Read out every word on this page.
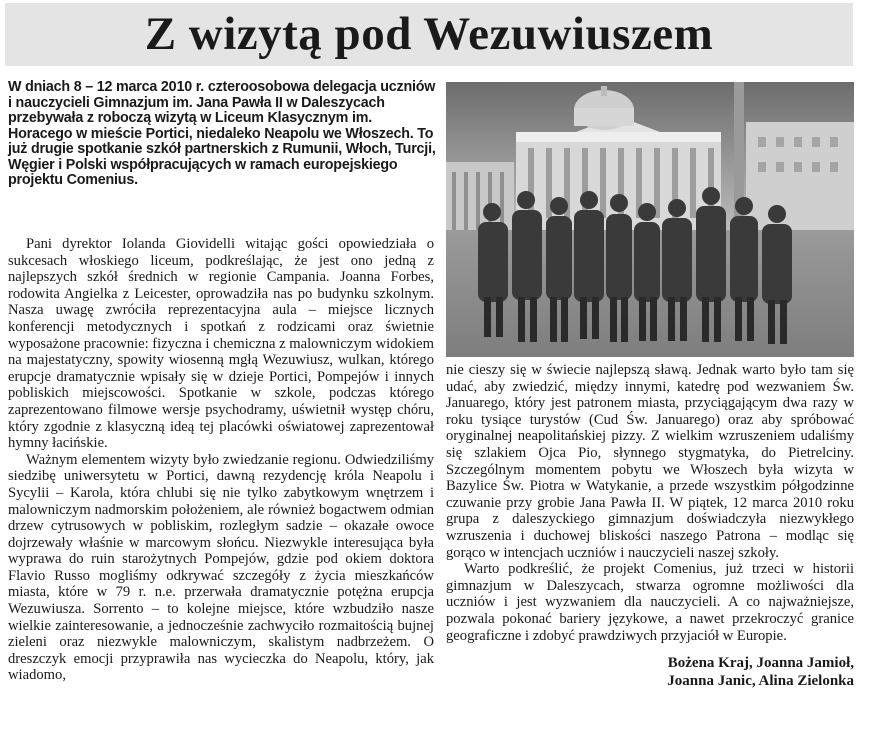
Z wizytą pod Wezuwiuszem

W dniach 8 – 12 marca 2010 r. czteroosobowa delegacja uczniów i nauczycieli Gimnazjum im. Jana Pawła II w Daleszycach przebywała z roboczą wizytą w Liceum Klasycznym im. Horacego w mieście Portici, niedaleko Neapolu we Włoszech. To już drugie spotkanie szkół partnerskich z Rumunii, Włoch, Turcji, Węgier i Polski współpracujących w ramach europejskiego projektu Comenius.

Pani dyrektor Iolanda Giovidelli witając gości opowiedziała o sukcesach włoskiego liceum, podkreślając, że jest ono jedną z najlepszych szkół średnich w regionie Campania. Joanna Forbes, rodowita Angielka z Leicester, oprowadziła nas po budynku szkolnym. Nasza uwagę zwróciła reprezentacyjna aula – miejsce licznych konferencji metodycznych i spotkań z rodzicami oraz świetnie wyposażone pracownie: fizyczna i chemiczna z malowniczym widokiem na majestatyczny, spowity wiosenną mgłą Wezuwiusz, wulkan, którego erupcje dramatycznie wpisały się w dzieje Portici, Pompejów i innych pobliskich miejscowości. Spotkanie w szkole, podczas którego zaprezentowano filmowe wersje psychodramy, uświetnił występ chóru, który zgodnie z klasyczną ideą tej placówki oświatowej zaprezentował hymny łacińskie.

Ważnym elementem wizyty było zwiedzanie regionu. Odwiedziliśmy siedzibę uniwersytetu w Portici, dawną rezydencję króla Neapolu i Sycylii – Karola, która chlubi się nie tylko zabytkowym wnętrzem i malowniczym nadmorskim położeniem, ale również bogactwem odmian drzew cytrusowych w pobliskim, rozległym sadzie – okazałe owoce dojrzewały właśnie w marcowym słońcu. Niezwykle interesująca była wyprawa do ruin starożytnych Pompejów, gdzie pod okiem doktora Flavio Russo mogliśmy odkrywać szczegóły z życia mieszkańców miasta, które w 79 r. n.e. przerwała dramatycznie potężna erupcja Wezuwiusza. Sorrento – to kolejne miejsce, które wzbudziło nasze wielkie zainteresowanie, a jednocześnie zachwyciło rozmaitością bujnej zieleni oraz niezwykle malowniczym, skalistym nadbrzeżem. O dreszczyk emocji przyprawiła nas wycieczka do Neapolu, który, jak wiadomo,

nie cieszy się w świecie najlepszą sławą. Jednak warto było tam się udać, aby zwiedzić, między innymi, katedrę pod wezwaniem Św. Januarego, który jest patronem miasta, przyciągającym dwa razy w roku tysiące turystów (Cud Św. Januarego) oraz aby spróbować oryginalnej neapolitańskiej pizzy. Z wielkim wzruszeniem udaliśmy się szlakiem Ojca Pio, słynnego stygmatyka, do Pietrelciny. Szczególnym momentem pobytu we Włoszech była wizyta w Bazylice Św. Piotra w Watykanie, a przede wszystkim półgodzinne czuwanie przy grobie Jana Pawła II. W piątek, 12 marca 2010 roku grupa z daleszyckiego gimnazjum doświadczyła niezwykłego wzruszenia i duchowej bliskości naszego Patrona – modląc się gorąco w intencjach uczniów i nauczycieli naszej szkoły.

Warto podkreślić, że projekt Comenius, już trzeci w historii gimnazjum w Daleszycach, stwarza ogromne możliwości dla uczniów i jest wyzwaniem dla nauczycieli. A co najważniejsze, pozwala pokonać bariery językowe, a nawet przekroczyć granice geograficzne i zdobyć prawdziwych przyjaciół w Europie.

Bożena Kraj, Joanna Jamioł,
Joanna Janic, Alina Zielonka
